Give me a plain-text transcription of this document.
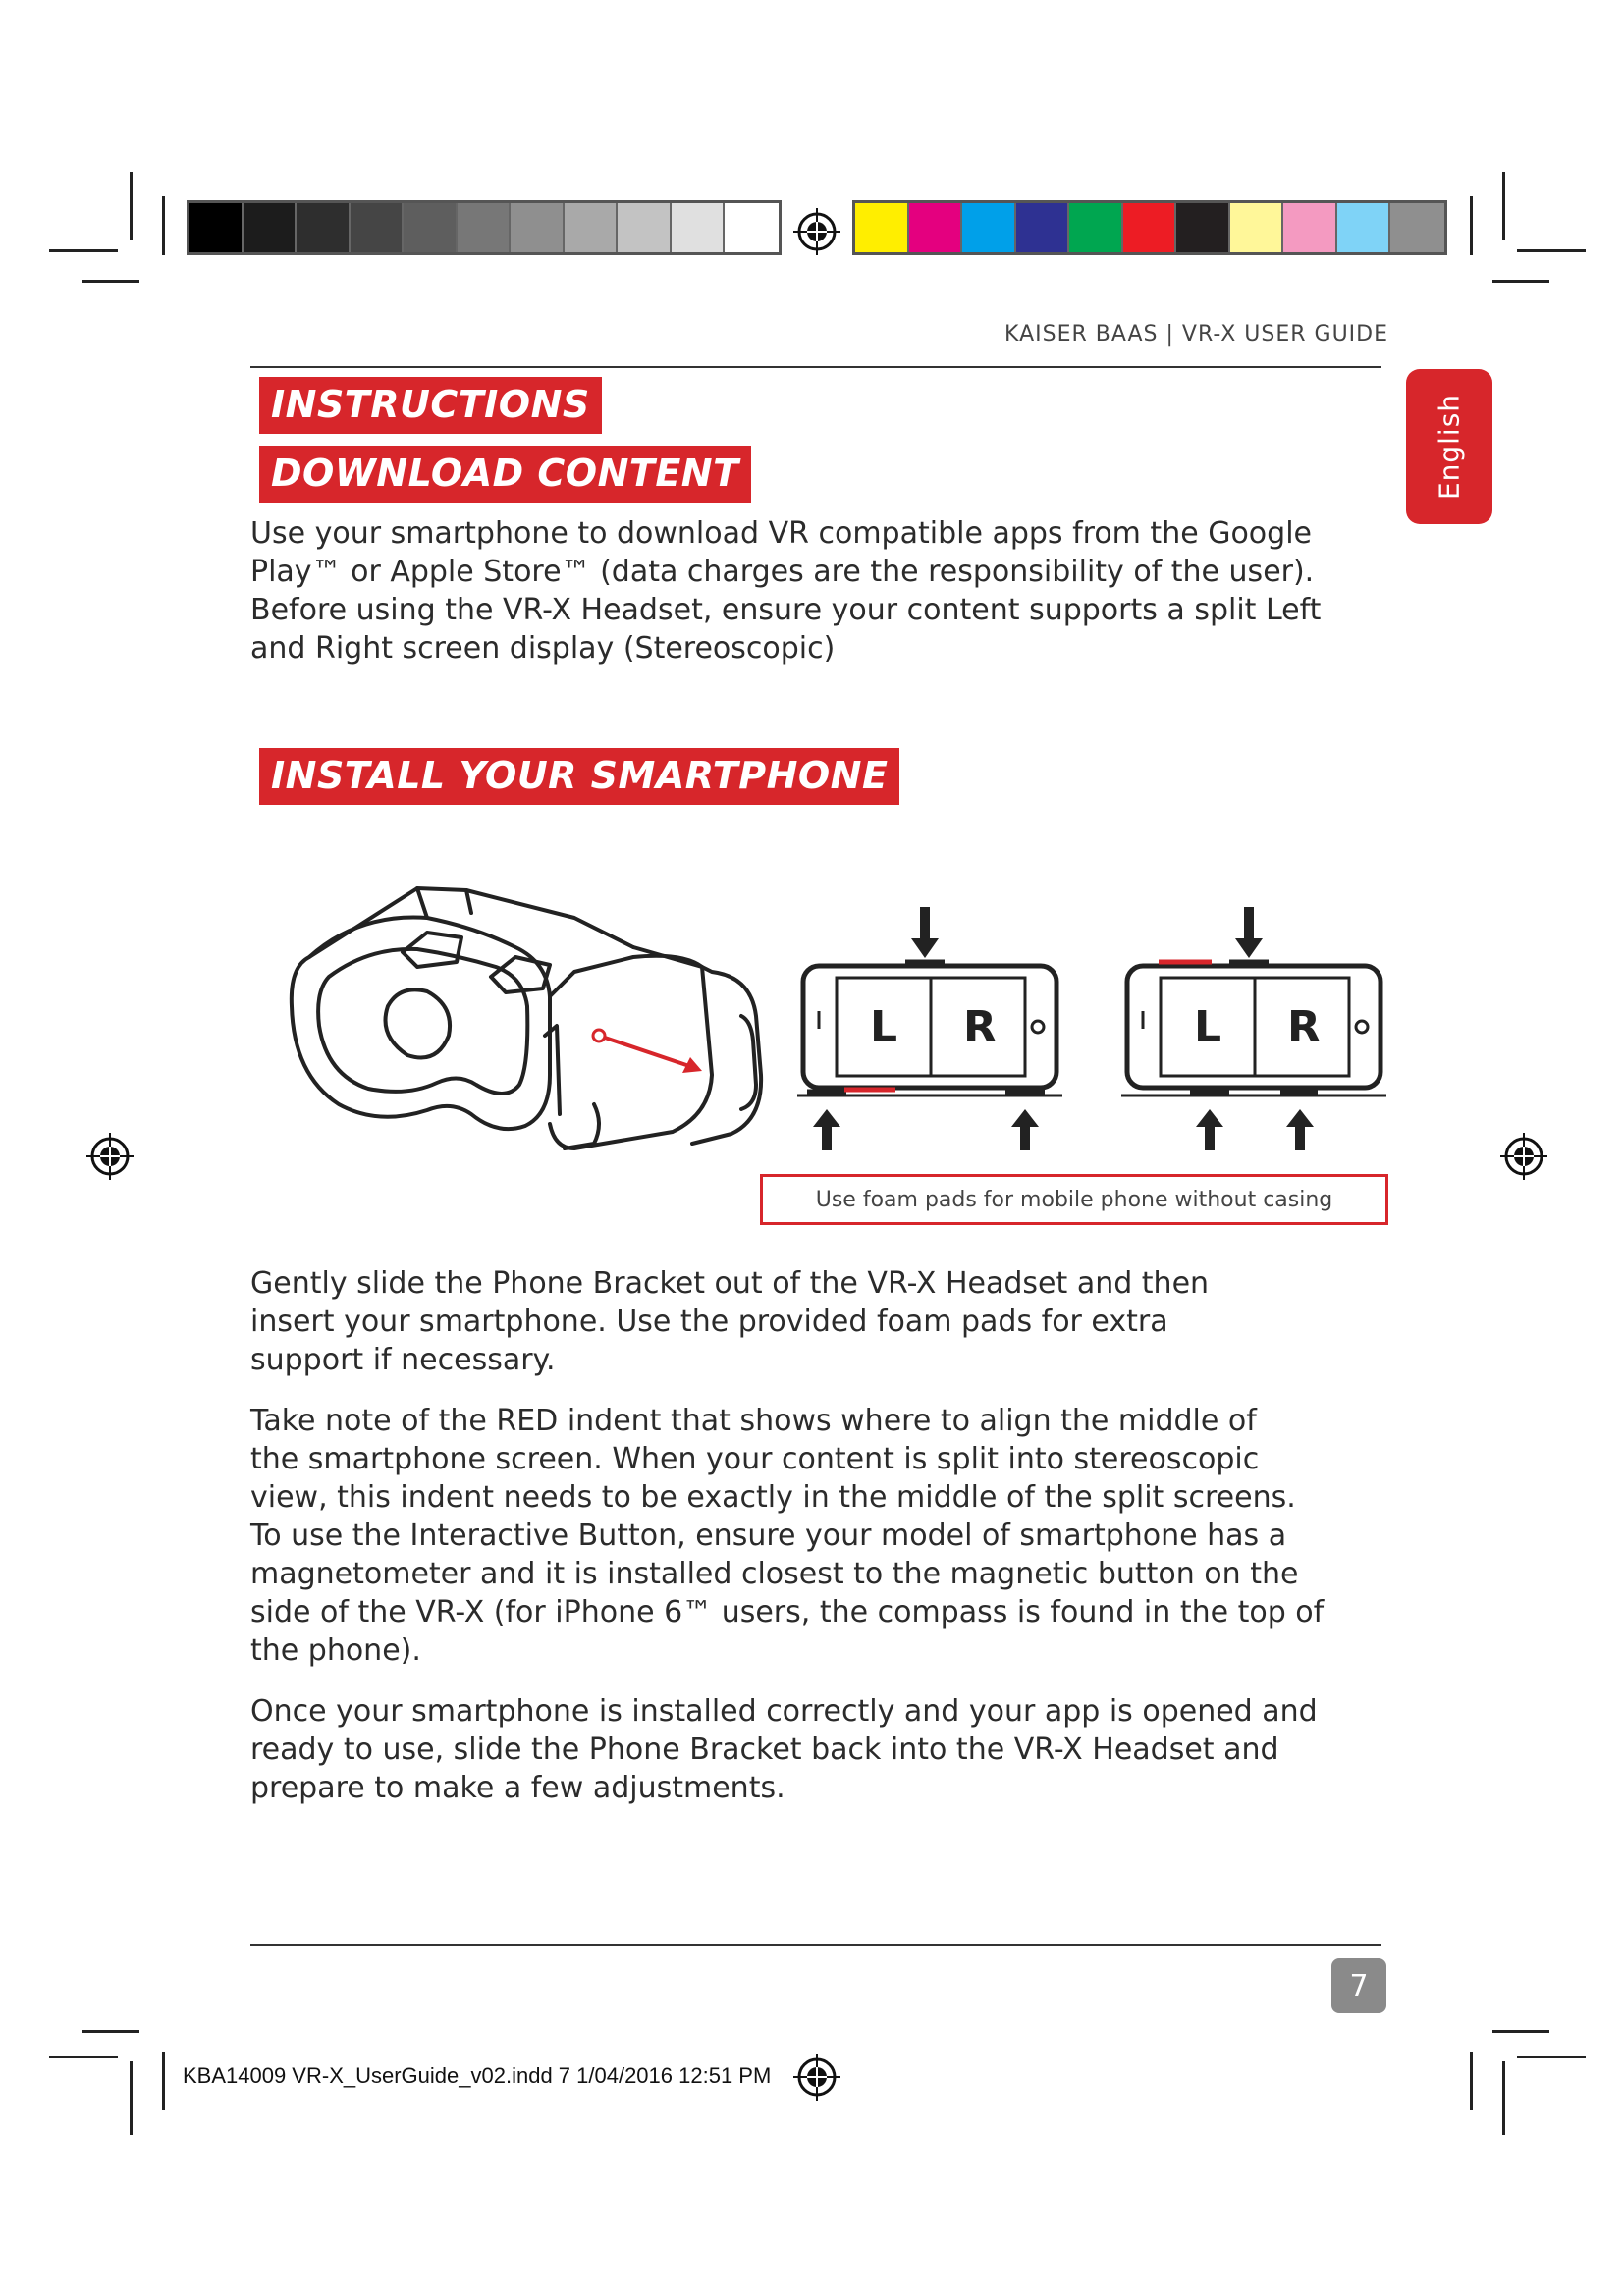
KAISER BAAS | VR-X USER GUIDE
English
INSTRUCTIONS
DOWNLOAD CONTENT

Use your smartphone to download VR compatible apps from the Google
Play™ or Apple Store™ (data charges are the responsibility of the user).
Before using the VR-X Headset, ensure your content supports a split Left
and Right screen display (Stereoscopic)

INSTALL YOUR SMARTPHONE
L R	L R
Use foam pads for mobile phone without casing

Gently slide the Phone Bracket out of the VR-X Headset and then
insert your smartphone. Use the provided foam pads for extra
support if necessary.

Take note of the RED indent that shows where to align the middle of
the smartphone screen. When your content is split into stereoscopic
view, this indent needs to be exactly in the middle of the split screens.
To use the Interactive Button, ensure your model of smartphone has a
magnetometer and it is installed closest to the magnetic button on the
side of the VR-X (for iPhone 6™ users, the compass is found in the top of
the phone).

Once your smartphone is installed correctly and your app is opened and
ready to use, slide the Phone Bracket back into the VR-X Headset and
prepare to make a few adjustments.

7
KBA14009 VR-X_UserGuide_v02.indd 7 1/04/2016 12:51 PM
